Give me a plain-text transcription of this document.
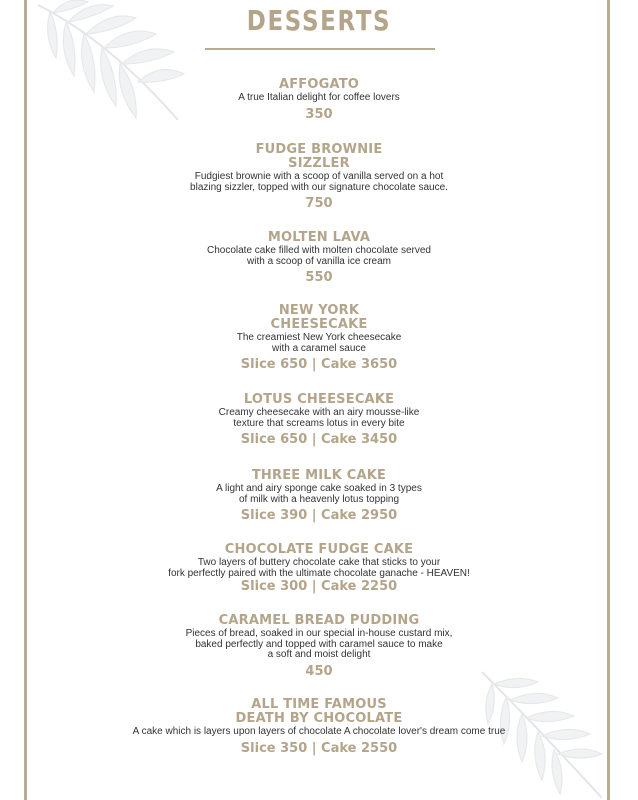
DESSERTS
AFFOGATO
A true Italian delight for coffee lovers
350
FUDGE BROWNIE
SIZZLER
Fudgiest brownie with a scoop of vanilla served on a hot
blazing sizzler, topped with our signature chocolate sauce.
750
MOLTEN LAVA
Chocolate cake filled with molten chocolate served
with a scoop of vanilla ice cream
550
NEW YORK
CHEESECAKE
The creamiest New York cheesecake
with a caramel sauce
Slice 650 | Cake 3650
LOTUS CHEESECAKE
Creamy cheesecake with an airy mousse-like
texture that screams lotus in every bite
Slice 650 | Cake 3450
THREE MILK CAKE
A light and airy sponge cake soaked in 3 types
of milk with a heavenly lotus topping
Slice 390 | Cake 2950
CHOCOLATE FUDGE CAKE
Two layers of buttery chocolate cake that sticks to your
fork perfectly paired with the ultimate chocolate ganache - HEAVEN!
Slice 300 | Cake 2250
CARAMEL BREAD PUDDING
Pieces of bread, soaked in our special in-house custard mix,
baked perfectly and topped with caramel sauce to make
a soft and moist delight
450
ALL TIME FAMOUS
DEATH BY CHOCOLATE
A cake which is layers upon layers of chocolate A chocolate lover's dream come true
Slice 350 | Cake 2550
